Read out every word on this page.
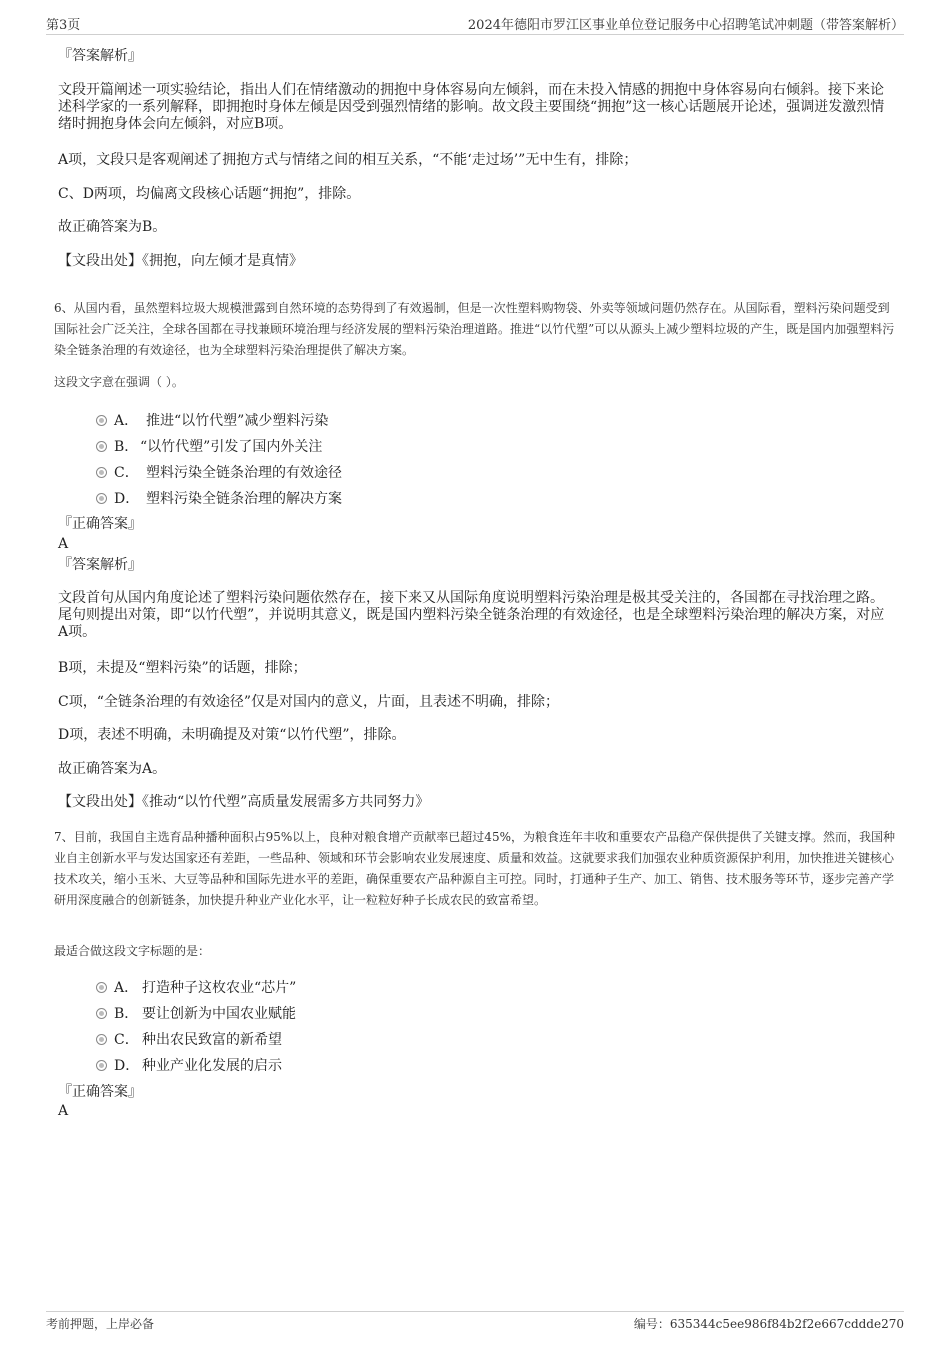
第3页	2024年德阳市罗江区事业单位登记服务中心招聘笔试冲刺题（带答案解析）
『答案解析』
文段开篇阐述一项实验结论，指出人们在情绪激动的拥抱中身体容易向左倾斜，而在未投入情感的拥抱中身体容易向右倾斜。接下来论述科学家的一系列解释，即拥抱时身体左倾是因受到强烈情绪的影响。故文段主要围绕“拥抱”这一核心话题展开论述，强调迸发激烈情绪时拥抱身体会向左倾斜，对应B项。
A项，文段只是客观阐述了拥抱方式与情绪之间的相互关系，“不能‘走过场’”无中生有，排除；
C、D两项，均偏离文段核心话题“拥抱”，排除。
故正确答案为B。
【文段出处】《拥抱，向左倾才是真情》
6、从国内看，虽然塑料垃圾大规模泄露到自然环境的态势得到了有效遏制，但是一次性塑料购物袋、外卖等领域问题仍然存在。从国际看，塑料污染问题受到国际社会广泛关注，全球各国都在寻找兼顾环境治理与经济发展的塑料污染治理道路。推进“以竹代塑”可以从源头上减少塑料垃圾的产生，既是国内加强塑料污染全链条治理的有效途径，也为全球塑料污染治理提供了解决方案。
这段文字意在强调（ ）。
A． 推进“以竹代塑”减少塑料污染
B． “以竹代塑”引发了国内外关注
C． 塑料污染全链条治理的有效途径
D． 塑料污染全链条治理的解决方案
『正确答案』
A
『答案解析』
文段首句从国内角度论述了塑料污染问题依然存在，接下来又从国际角度说明塑料污染治理是极其受关注的，各国都在寻找治理之路。尾句则提出对策，即“以竹代塑”，并说明其意义，既是国内塑料污染全链条治理的有效途径，也是全球塑料污染治理的解决方案，对应A项。
B项，未提及“塑料污染”的话题，排除；
C项，“全链条治理的有效途径”仅是对国内的意义，片面，且表述不明确，排除；
D项，表述不明确，未明确提及对策“以竹代塑”，排除。
故正确答案为A。
【文段出处】《推动“以竹代塑”高质量发展需多方共同努力》
7、目前，我国自主选育品种播种面积占95%以上，良种对粮食增产贡献率已超过45%，为粮食连年丰收和重要农产品稳产保供提供了关键支撑。然而，我国种业自主创新水平与发达国家还有差距，一些品种、领域和环节会影响农业发展速度、质量和效益。这就要求我们加强农业种质资源保护利用，加快推进关键核心技术攻关，缩小玉米、大豆等品种和国际先进水平的差距，确保重要农产品种源自主可控。同时，打通种子生产、加工、销售、技术服务等环节，逐步完善产学研用深度融合的创新链条，加快提升种业产业化水平，让一粒粒好种子长成农民的致富希望。
最适合做这段文字标题的是：
A． 打造种子这枚农业“芯片”
B． 要让创新为中国农业赋能
C． 种出农民致富的新希望
D． 种业产业化发展的启示
『正确答案』
A
考前押题，上岸必备	编号：635344c5ee986f84b2f2e667cddde270
